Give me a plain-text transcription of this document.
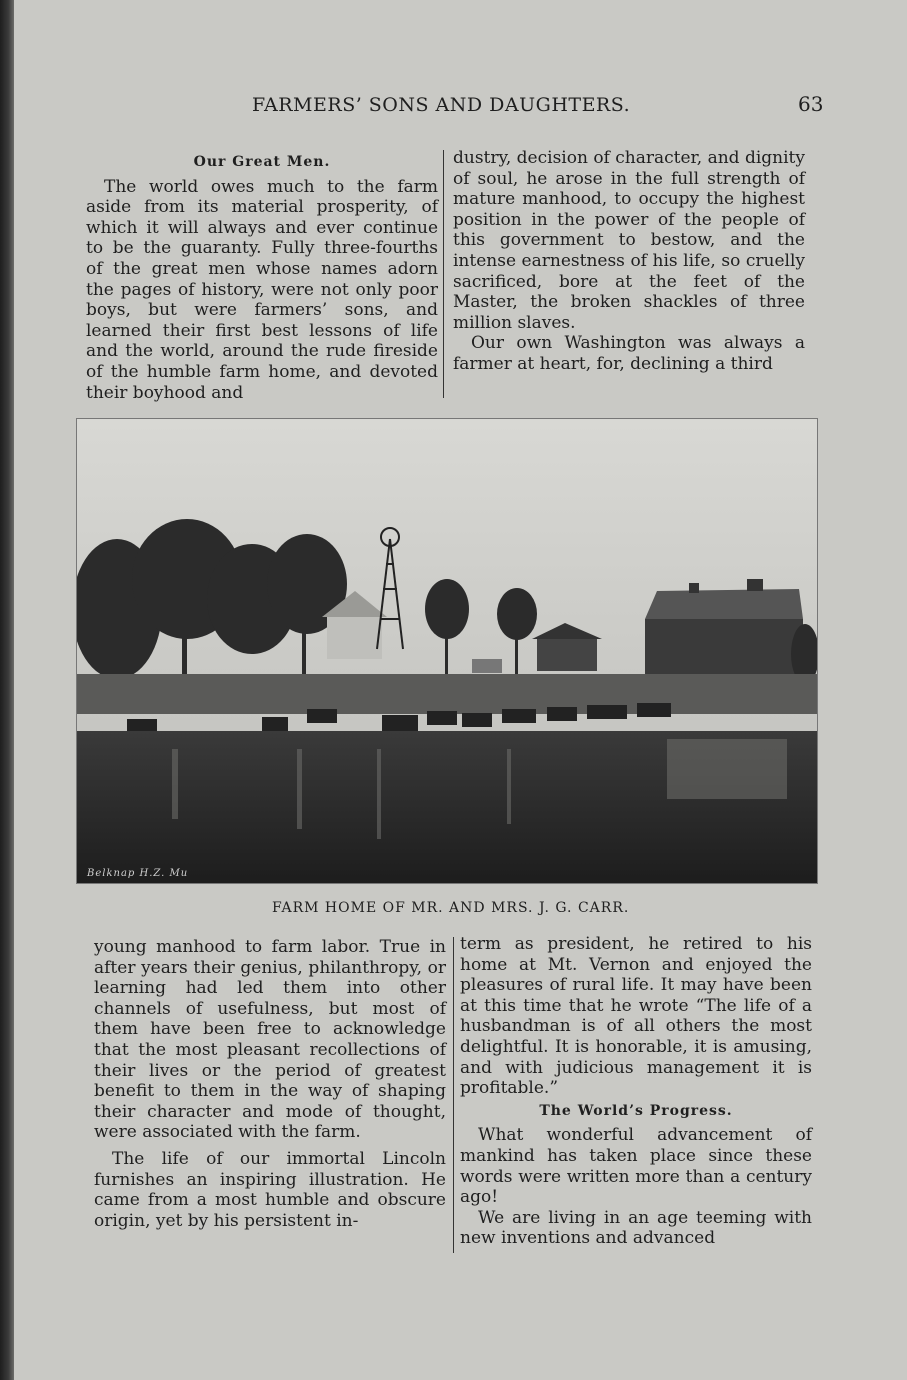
FARMERS’ SONS AND DAUGHTERS.	63
Our Great Men.

The world owes much to the farm aside from its material prosperity, of which it will always and ever continue to be the guaranty. Fully three-fourths of the great men whose names adorn the pages of history, were not only poor boys, but were farmers’ sons, and learned their first best lessons of life and the world, around the rude fireside of the humble farm home, and devoted their boyhood and

dustry, decision of character, and dignity of soul, he arose in the full strength of mature manhood, to occupy the highest position in the power of the people of this government to bestow, and the intense earnestness of his life, so cruelly sacrificed, bore at the feet of the Master, the broken shackles of three million slaves.

Our own Washington was always a farmer at heart, for, declining a third

Belknap H.Z. Mu
FARM HOME OF MR. AND MRS. J. G. CARR.

young manhood to farm labor. True in after years their genius, philanthropy, or learning had led them into other channels of usefulness, but most of them have been free to acknowledge that the most pleasant recollections of their lives or the period of greatest benefit to them in the way of shaping their character and mode of thought, were associated with the farm.

The life of our immortal Lincoln furnishes an inspiring illustration. He came from a most humble and obscure origin, yet by his persistent in-

term as president, he retired to his home at Mt. Vernon and enjoyed the pleasures of rural life. It may have been at this time that he wrote “The life of a husbandman is of all others the most delightful. It is honorable, it is amusing, and with judicious management it is profitable.”

The World’s Progress.

What wonderful advancement of mankind has taken place since these words were written more than a century ago!

We are living in an age teeming with new inventions and advanced
